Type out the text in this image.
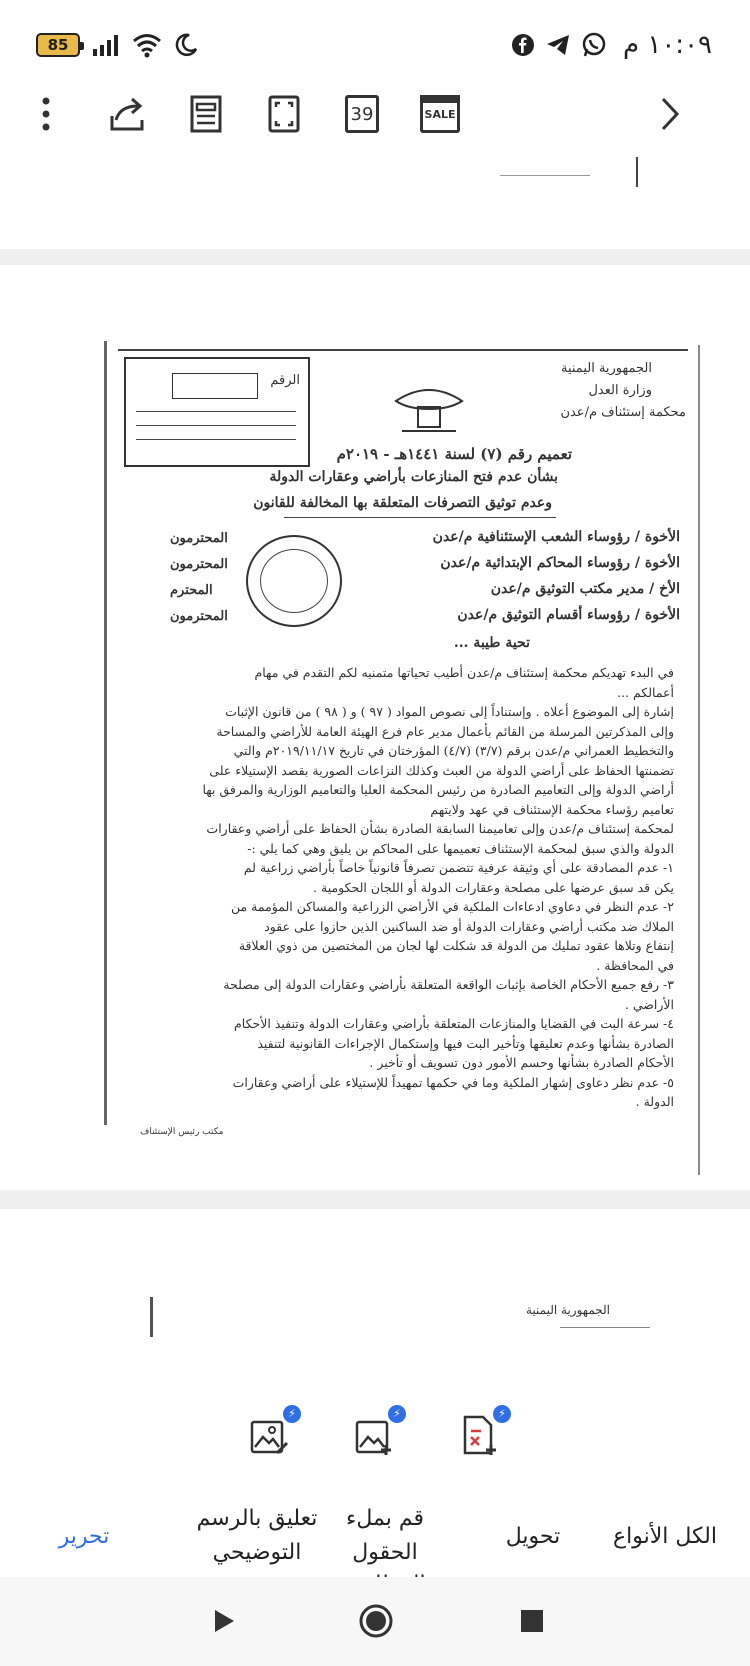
85	١٠:٠٩ م
39	SALE
الرقم
الجمهورية اليمنية
وزارة العدل
محكمة إستئناف م/عدن
تعميم رقم (٧) لسنة ١٤٤١هـ - ٢٠١٩م
بشأن عدم فتح المنازعات بأراضي وعقارات الدولة
وعدم توثيق التصرفات المتعلقة بها المخالفة للقانون
الأخوة / رؤوساء الشعب الإستئنافية م/عدن
المحترمون
الأخوة / رؤوساء المحاكم الإبتدائية م/عدن
المحترمون
الأخ / مدير مكتب التوثيق م/عدن
المحترم
الأخوة / رؤوساء أقسام التوثيق م/عدن
المحترمون
تحية طيبة ...
في البدء تهديكم محكمة إستئناف م/عدن أطيب تحياتها متمنيه لكم التقدم في مهام
أعمالكم ...
إشارة إلى الموضوع أعلاه . وإستناداً إلى نصوص المواد ( ٩٧ ) و ( ٩٨ ) من قانون الإثبات
وإلى المذكرتين المرسلة من القائم بأعمال مدير عام فرع الهيئة العامة للأراضي والمساحة
والتخطيط العمراني م/عدن برقم (٣/٧) (٤/٧) المؤرختان في تاريخ ٢٠١٩/١١/١٧م والتي
تضمنتها الحفاظ على أراضي الدولة من العبث وكذلك النزاعات الصورية بقصد الإستيلاء على
أراضي الدولة وإلى التعاميم الصادرة من رئيس المحكمة العليا والتعاميم الوزارية والمرفق بها
تعاميم رؤساء محكمة الإستئناف في عهد ولايتهم
لمحكمة إستئناف م/عدن وإلى تعاميمنا السابقة الصادرة بشأن الحفاظ على أراضي وعقارات
الدولة والذي سبق لمحكمة الإستئناف تعميمها على المحاكم بن يليق وهي كما يلي :-
١- عدم المصادقة على أي وثيقة عرفية تتضمن تصرفاً قانونياً خاصاً بأراضي زراعية لم
يكن قد سبق عرضها على مصلحة وعقارات الدولة أو اللجان الحكومية .
٢- عدم النظر في دعاوي ادعاءات الملكية في الأراضي الزراعية والمساكن المؤممة من
الملاك ضد مكتب أراضي وعقارات الدولة أو ضد الساكنين الذين حازوا على عقود
إنتفاع وتلاها عقود تمليك من الدولة قد شكلت لها لجان من المختصين من ذوي العلاقة
في المحافظة .
٣- رفع جميع الأحكام الخاصة بإثبات الواقعة المتعلقة بأراضي وعقارات الدولة إلى مصلحة
الأراضي .
٤- سرعة البت في القضايا والمنازعات المتعلقة بأراضي وعقارات الدولة وتنفيذ الأحكام
الصادرة بشأنها وعدم تعليقها وتأخير البت فيها وإستكمال الإجراءات القانونية لتنفيذ
الأحكام الصادرة بشأنها وحسم الأمور دون تسويف أو تأخير .
٥- عدم نظر دعاوى إشهار الملكية وما في حكمها تمهيداً للإستيلاء على أراضي وعقارات
الدولة .
مكتب رئيس الإستئناف
الجمهورية اليمنية
⚡	⚡	⚡
تحرير
تعليق بالرسم
التوضيحي
قم بملء
الحقول
تحويل	الكل الأنواع
